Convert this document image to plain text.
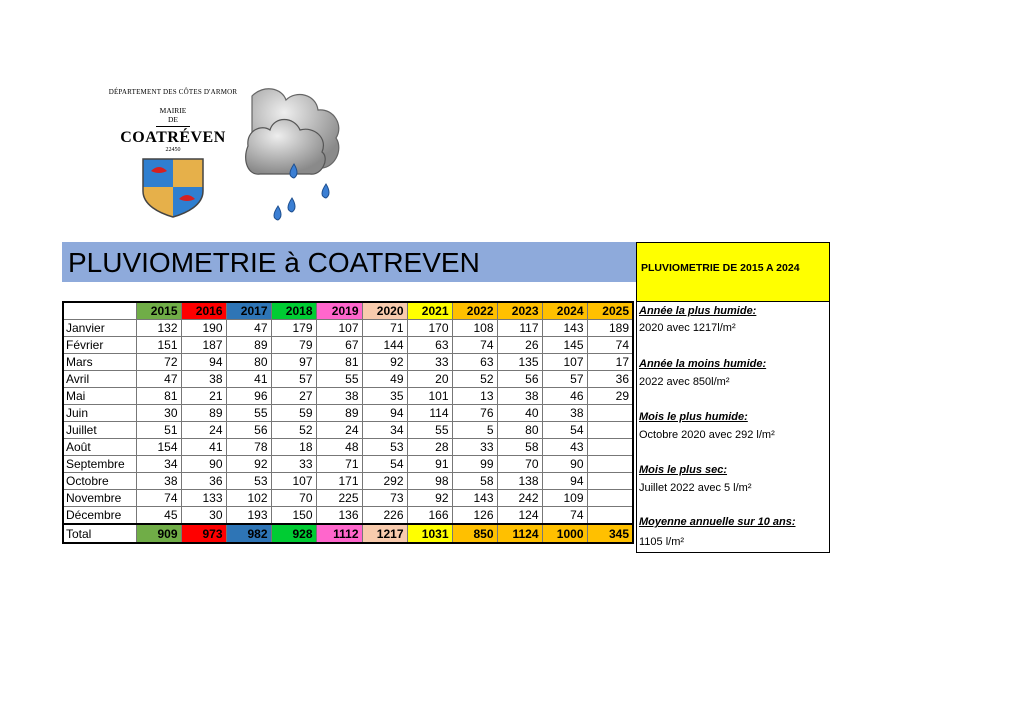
DÉPARTEMENT DES CÔTES D'ARMOR
MAIRIE
DE
COATRÉVEN
22450
PLUVIOMETRIE à COATREVEN	PLUVIOMETRIE DE 2015 A 2024
	2015	2016	2017	2018	2019	2020	2021	2022	2023	2024	2025
Janvier	132	190	47	179	107	71	170	108	117	143	189
Février	151	187	89	79	67	144	63	74	26	145	74
Mars	72	94	80	97	81	92	33	63	135	107	17
Avril	47	38	41	57	55	49	20	52	56	57	36
Mai	81	21	96	27	38	35	101	13	38	46	29
Juin	30	89	55	59	89	94	114	76	40	38	
Juillet	51	24	56	52	24	34	55	5	80	54	
Août	154	41	78	18	48	53	28	33	58	43	
Septembre	34	90	92	33	71	54	91	99	70	90	
Octobre	38	36	53	107	171	292	98	58	138	94	
Novembre	74	133	102	70	225	73	92	143	242	109	
Décembre	45	30	193	150	136	226	166	126	124	74	
Total	909	973	982	928	1112	1217	1031	850	1124	1000	345
Année la plus humide:
2020 avec 1217l/m²
Année la moins humide:
2022 avec 850l/m²
Mois le plus humide:
Octobre 2020 avec 292 l/m²
Mois le plus sec:
Juillet 2022 avec 5 l/m²
Moyenne annuelle sur 10 ans:
1105 l/m²
